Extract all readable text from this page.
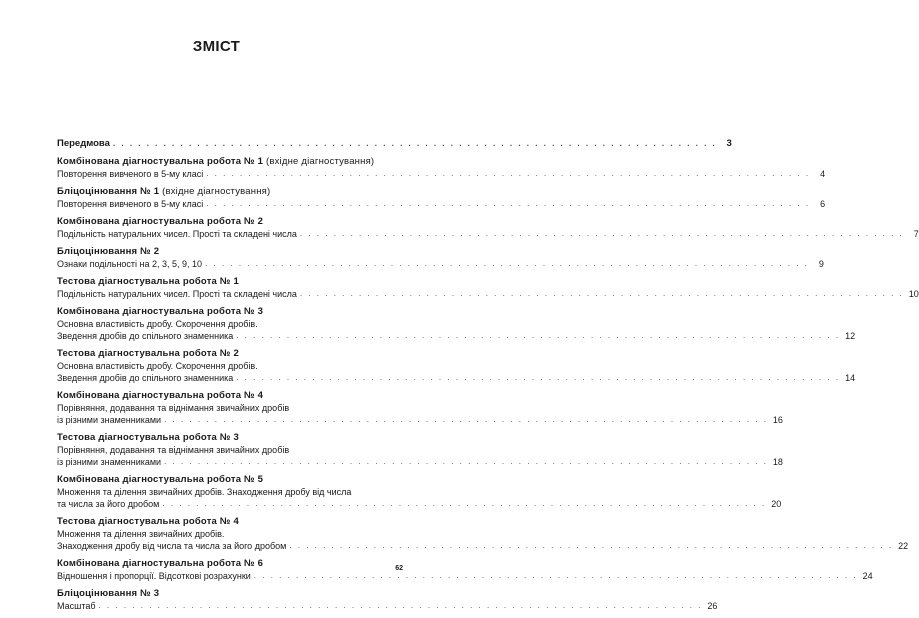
ЗМІСТ
Передмова . . . . . . . . . . . . . . . . . . . . . . . . . . . . . . . . . . . . . . . . . . . . . . . . . . . . . . . . . . . . . . . . . . . . . . . .	3
Комбінована діагностувальна робота № 1 (вхідне діагностування)
Повторення вивченого в 5-му класі . . . . . . . . . . . . . . . . . . . . . . . . . . . . . . . . . . . . . . . . . . . . . . . . . . . . . . . . . . . . . . . . . . . . . . . .	4
Бліцоцінювання № 1 (вхідне діагностування)
Повторення вивченого в 5-му класі . . . . . . . . . . . . . . . . . . . . . . . . . . . . . . . . . . . . . . . . . . . . . . . . . . . . . . . . . . . . . . . . . . . . . . . .	6
Комбінована діагностувальна робота № 2
Подільність натуральних чисел. Прості та складені числа . . . . . . . . . . . . . . . . . . . . . . . . . . . . . . . . . . . . . . . . . . . . . . . . . . . . . . . . . . . . . . . . . . . . . . . .	7
Бліцоцінювання № 2
Ознаки подільності на 2, 3, 5, 9, 10 . . . . . . . . . . . . . . . . . . . . . . . . . . . . . . . . . . . . . . . . . . . . . . . . . . . . . . . . . . . . . . . . . . . . . . . .	9
Тестова діагностувальна робота № 1
Подільність натуральних чисел. Прості та складені числа . . . . . . . . . . . . . . . . . . . . . . . . . . . . . . . . . . . . . . . . . . . . . . . . . . . . . . . . . . . . . . . . . . . . . . . . 10
Комбінована діагностувальна робота № 3
Основна властивість дробу. Скорочення дробів.
Зведення дробів до спільного знаменника . . . . . . . . . . . . . . . . . . . . . . . . . . . . . . . . . . . . . . . . . . . . . . . . . . . . . . . . . . . . . . . . . . . . . . . . 12
Тестова діагностувальна робота № 2
Основна властивість дробу. Скорочення дробів.
Зведення дробів до спільного знаменника . . . . . . . . . . . . . . . . . . . . . . . . . . . . . . . . . . . . . . . . . . . . . . . . . . . . . . . . . . . . . . . . . . . . . . . . 14
Комбінована діагностувальна робота № 4
Порівняння, додавання та віднімання звичайних дробів
із різними знаменниками . . . . . . . . . . . . . . . . . . . . . . . . . . . . . . . . . . . . . . . . . . . . . . . . . . . . . . . . . . . . . . . . . . . . . . . . 16
Тестова діагностувальна робота № 3
Порівняння, додавання та віднімання звичайних дробів
із різними знаменниками . . . . . . . . . . . . . . . . . . . . . . . . . . . . . . . . . . . . . . . . . . . . . . . . . . . . . . . . . . . . . . . . . . . . . . . . 18
Комбінована діагностувальна робота № 5
Множення та ділення звичайних дробів. Знаходження дробу від числа
та числа за його дробом . . . . . . . . . . . . . . . . . . . . . . . . . . . . . . . . . . . . . . . . . . . . . . . . . . . . . . . . . . . . . . . . . . . . . . . . 20
Тестова діагностувальна робота № 4
Множення та ділення звичайних дробів.
Знаходження дробу від числа та числа за його дробом . . . . . . . . . . . . . . . . . . . . . . . . . . . . . . . . . . . . . . . . . . . . . . . . . . . . . . . . . . . . . . . . . . . . . . . . 22
Комбінована діагностувальна робота № 6
Відношення і пропорції. Відсоткові розрахунки . . . . . . . . . . . . . . . . . . . . . . . . . . . . . . . . . . . . . . . . . . . . . . . . . . . . . . . . . . . . . . . . . . . . . . . . 24
Бліцоцінювання № 3
Масштаб . . . . . . . . . . . . . . . . . . . . . . . . . . . . . . . . . . . . . . . . . . . . . . . . . . . . . . . . . . . . . . . . . . . . . . . . 26
62
